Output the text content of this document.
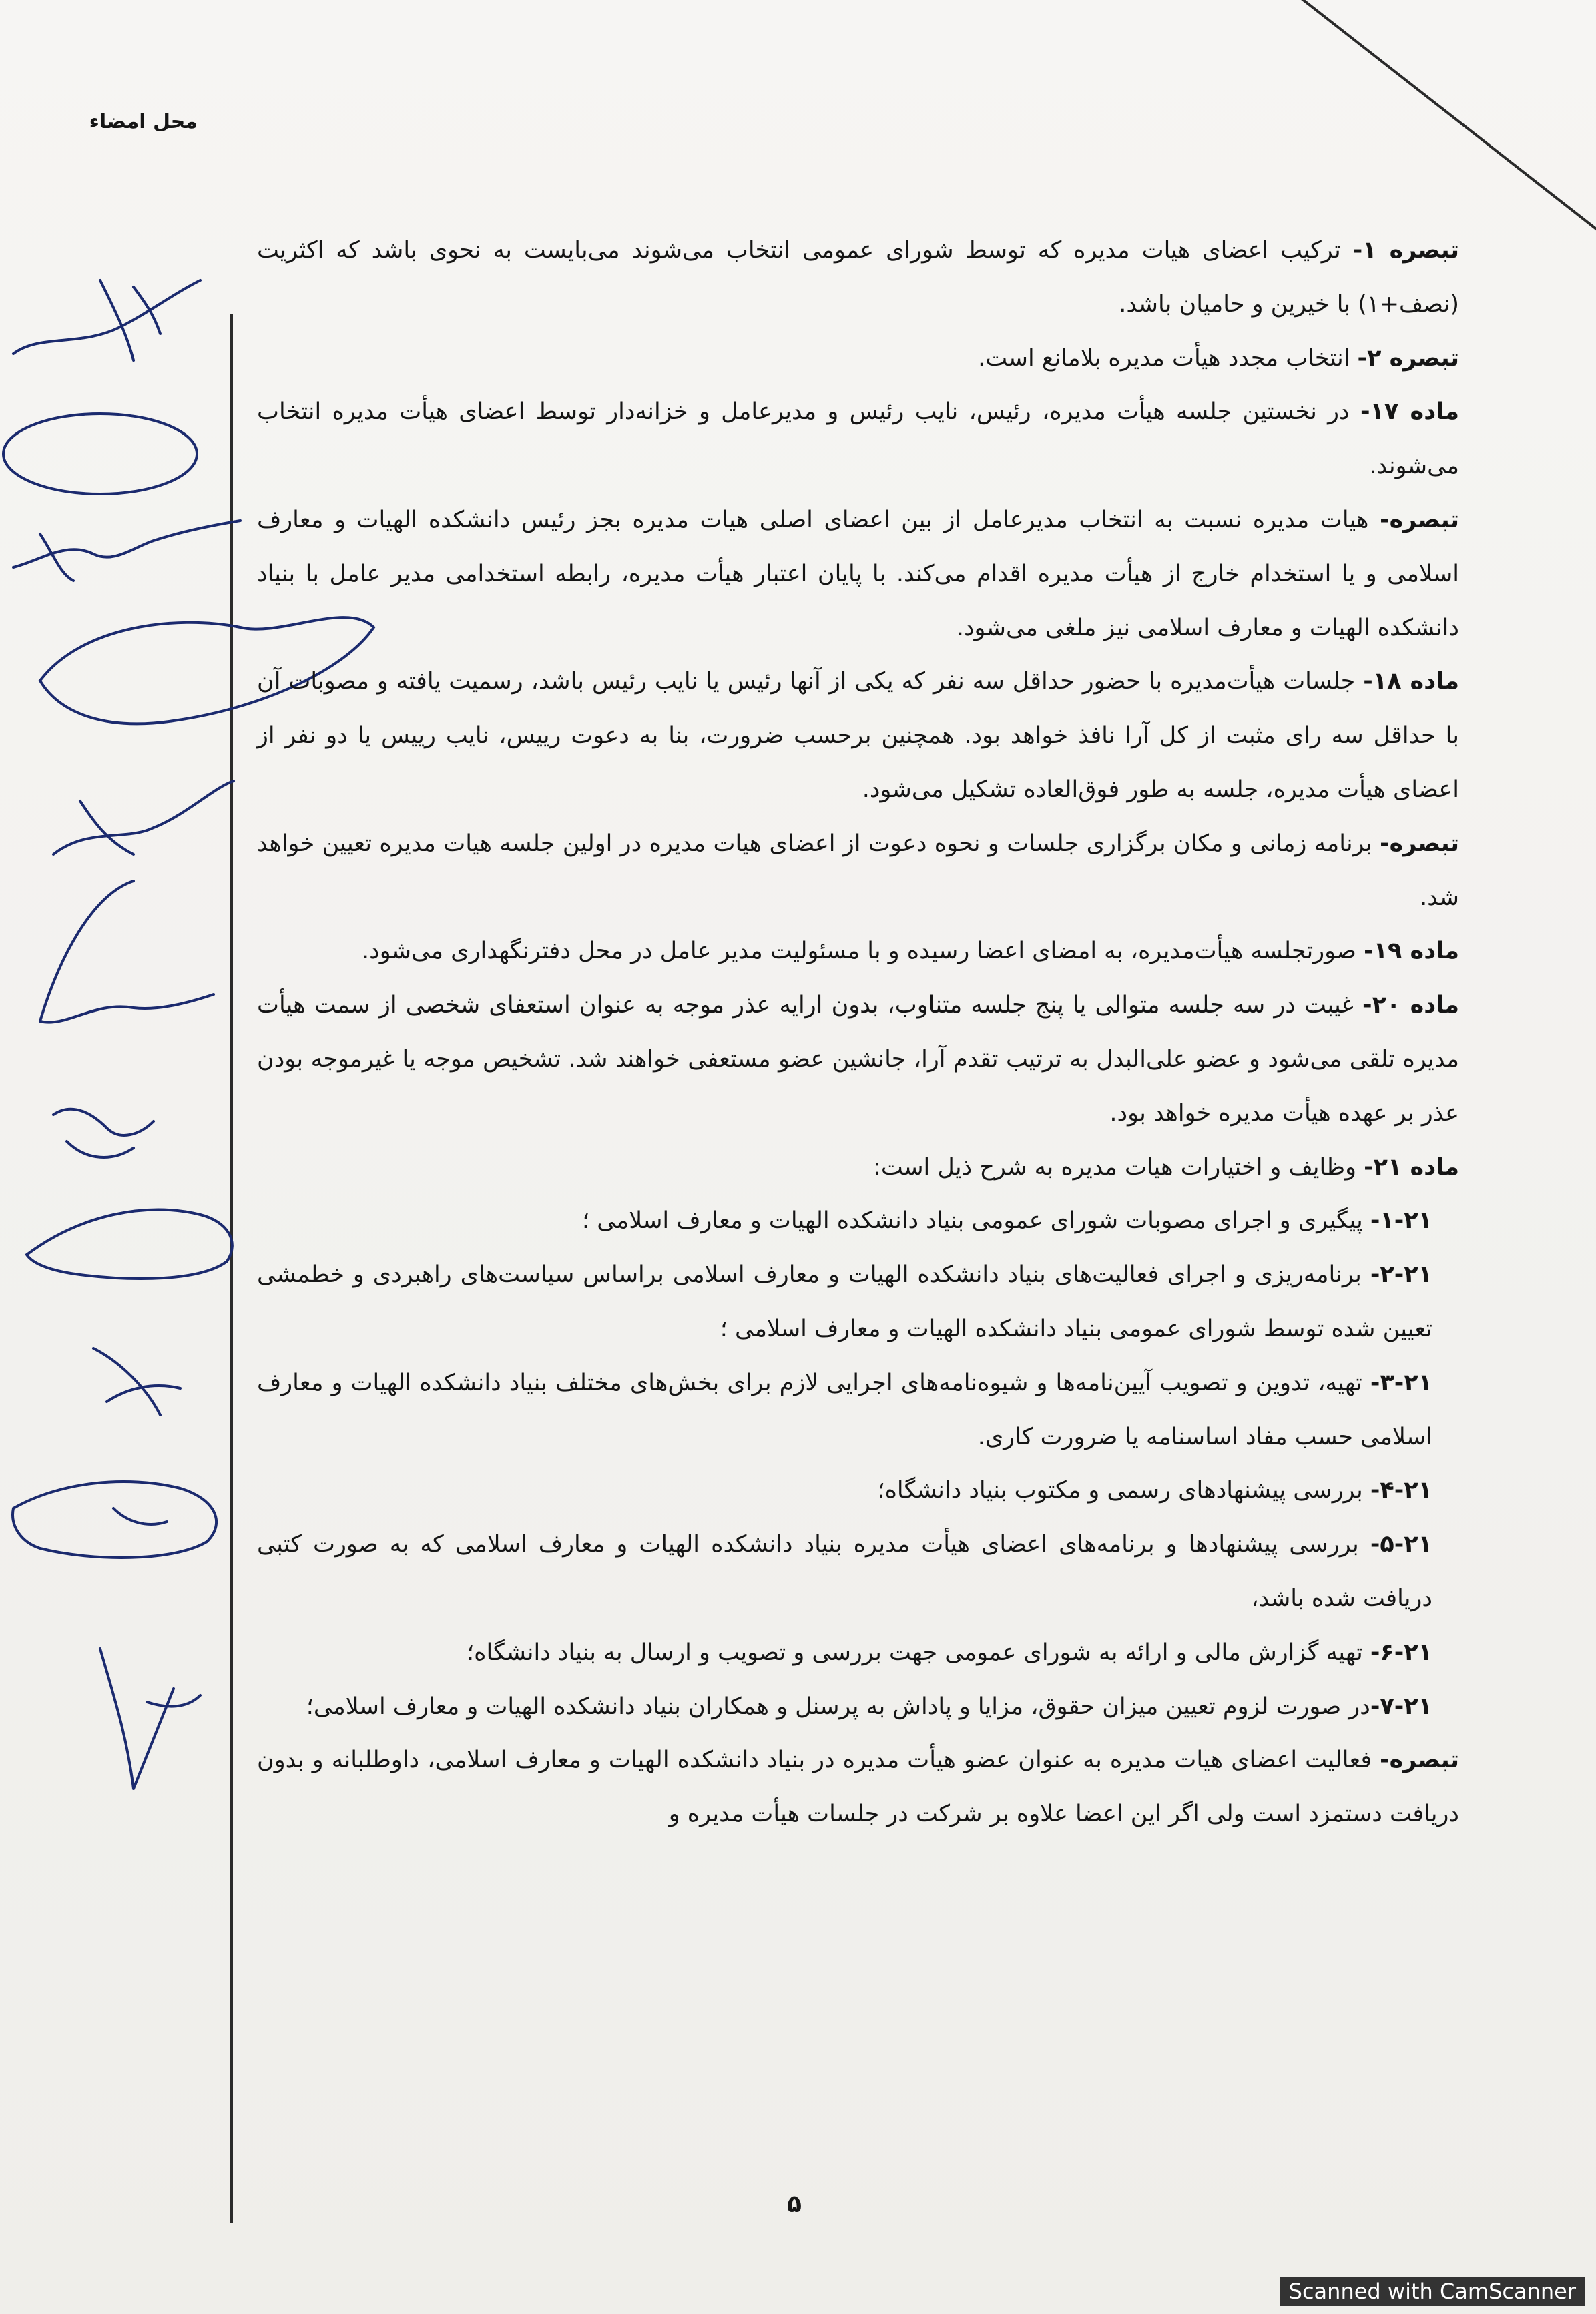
محل امضاء

تبصره ۱- ترکیب اعضای هیات مدیره که توسط شورای عمومی انتخاب می‌شوند می‌بایست به نحوی باشد که اکثریت (نصف+۱) با خیرین و حامیان باشد.

تبصره ۲- انتخاب مجدد هیأت مدیره بلامانع است.

ماده ۱۷- در نخستین جلسه هیأت مدیره، رئیس، نایب رئیس و مدیرعامل و خزانه‌دار توسط اعضای هیأت مدیره انتخاب می‌شوند.

تبصره- هیات مدیره نسبت به انتخاب مدیرعامل از بین اعضای اصلی هیات مدیره بجز رئیس دانشکده الهیات و معارف اسلامی و یا استخدام خارج از هیأت مدیره اقدام می‌کند. با پایان اعتبار هیأت مدیره، رابطه استخدامی مدیر عامل با بنیاد دانشکده الهیات و معارف اسلامی نیز ملغی می‌شود.

ماده ۱۸- جلسات هیأت‌مدیره با حضور حداقل سه نفر که یکی از آنها رئیس یا نایب رئیس باشد، رسمیت یافته و مصوبات آن با حداقل سه رای مثبت از کل آرا نافذ خواهد بود. همچنین برحسب ضرورت، بنا به دعوت رییس، نایب رییس یا دو نفر از اعضای هیأت مدیره، جلسه به طور فوق‌العاده تشکیل می‌شود.

تبصره- برنامه زمانی و مکان برگزاری جلسات و نحوه دعوت از اعضای هیات مدیره در اولین جلسه هیات مدیره تعیین خواهد شد.

ماده ۱۹- صورتجلسه هیأت‌مدیره، به امضای اعضا رسیده و با مسئولیت مدیر عامل در محل دفترنگهداری می‌شود.

ماده ۲۰- غیبت در سه جلسه متوالی یا پنج جلسه متناوب، بدون ارایه عذر موجه به عنوان استعفای شخصی از سمت هیأت مدیره تلقی می‌شود و عضو علی‌البدل به ترتیب تقدم آرا، جانشین عضو مستعفی خواهند شد. تشخیص موجه یا غیرموجه بودن عذر بر عهده هیأت مدیره خواهد بود.

ماده ۲۱- وظایف و اختیارات هیات مدیره به شرح ذیل است:

۱-۲۱- پیگیری و اجرای مصوبات شورای عمومی بنیاد دانشکده الهیات و معارف اسلامی ؛

۲-۲۱- برنامه‌ریزی و اجرای فعالیت‌های بنیاد دانشکده الهیات و معارف اسلامی براساس سیاست‌های راهبردی و خطمشی تعیین شده توسط شورای عمومی بنیاد دانشکده الهیات و معارف اسلامی ؛

۳-۲۱- تهیه، تدوین و تصویب آیین‌نامه‌ها و شیوه‌نامه‌های اجرایی لازم برای بخش‌های مختلف بنیاد دانشکده الهیات و معارف اسلامی حسب مفاد اساسنامه یا ضرورت کاری.

۴-۲۱- بررسی پیشنهادهای رسمی و مکتوب بنیاد دانشگاه؛

۵-۲۱- بررسی پیشنهادها و برنامه‌های اعضای هیأت مدیره بنیاد دانشکده الهیات و معارف اسلامی که به صورت کتبی دریافت شده باشد،

۶-۲۱- تهیه گزارش مالی و ارائه به شورای عمومی جهت بررسی و تصویب و ارسال به بنیاد دانشگاه؛

۷-۲۱-در صورت لزوم تعیین میزان حقوق، مزایا و پاداش به پرسنل و همکاران بنیاد دانشکده الهیات و معارف اسلامی؛

تبصره- فعالیت اعضای هیات مدیره به عنوان عضو هیأت مدیره در بنیاد دانشکده الهیات و معارف اسلامی، داوطلبانه و بدون دریافت دستمزد است ولی اگر این اعضا علاوه بر شرکت در جلسات هیأت مدیره و

۵
Scanned with CamScanner
